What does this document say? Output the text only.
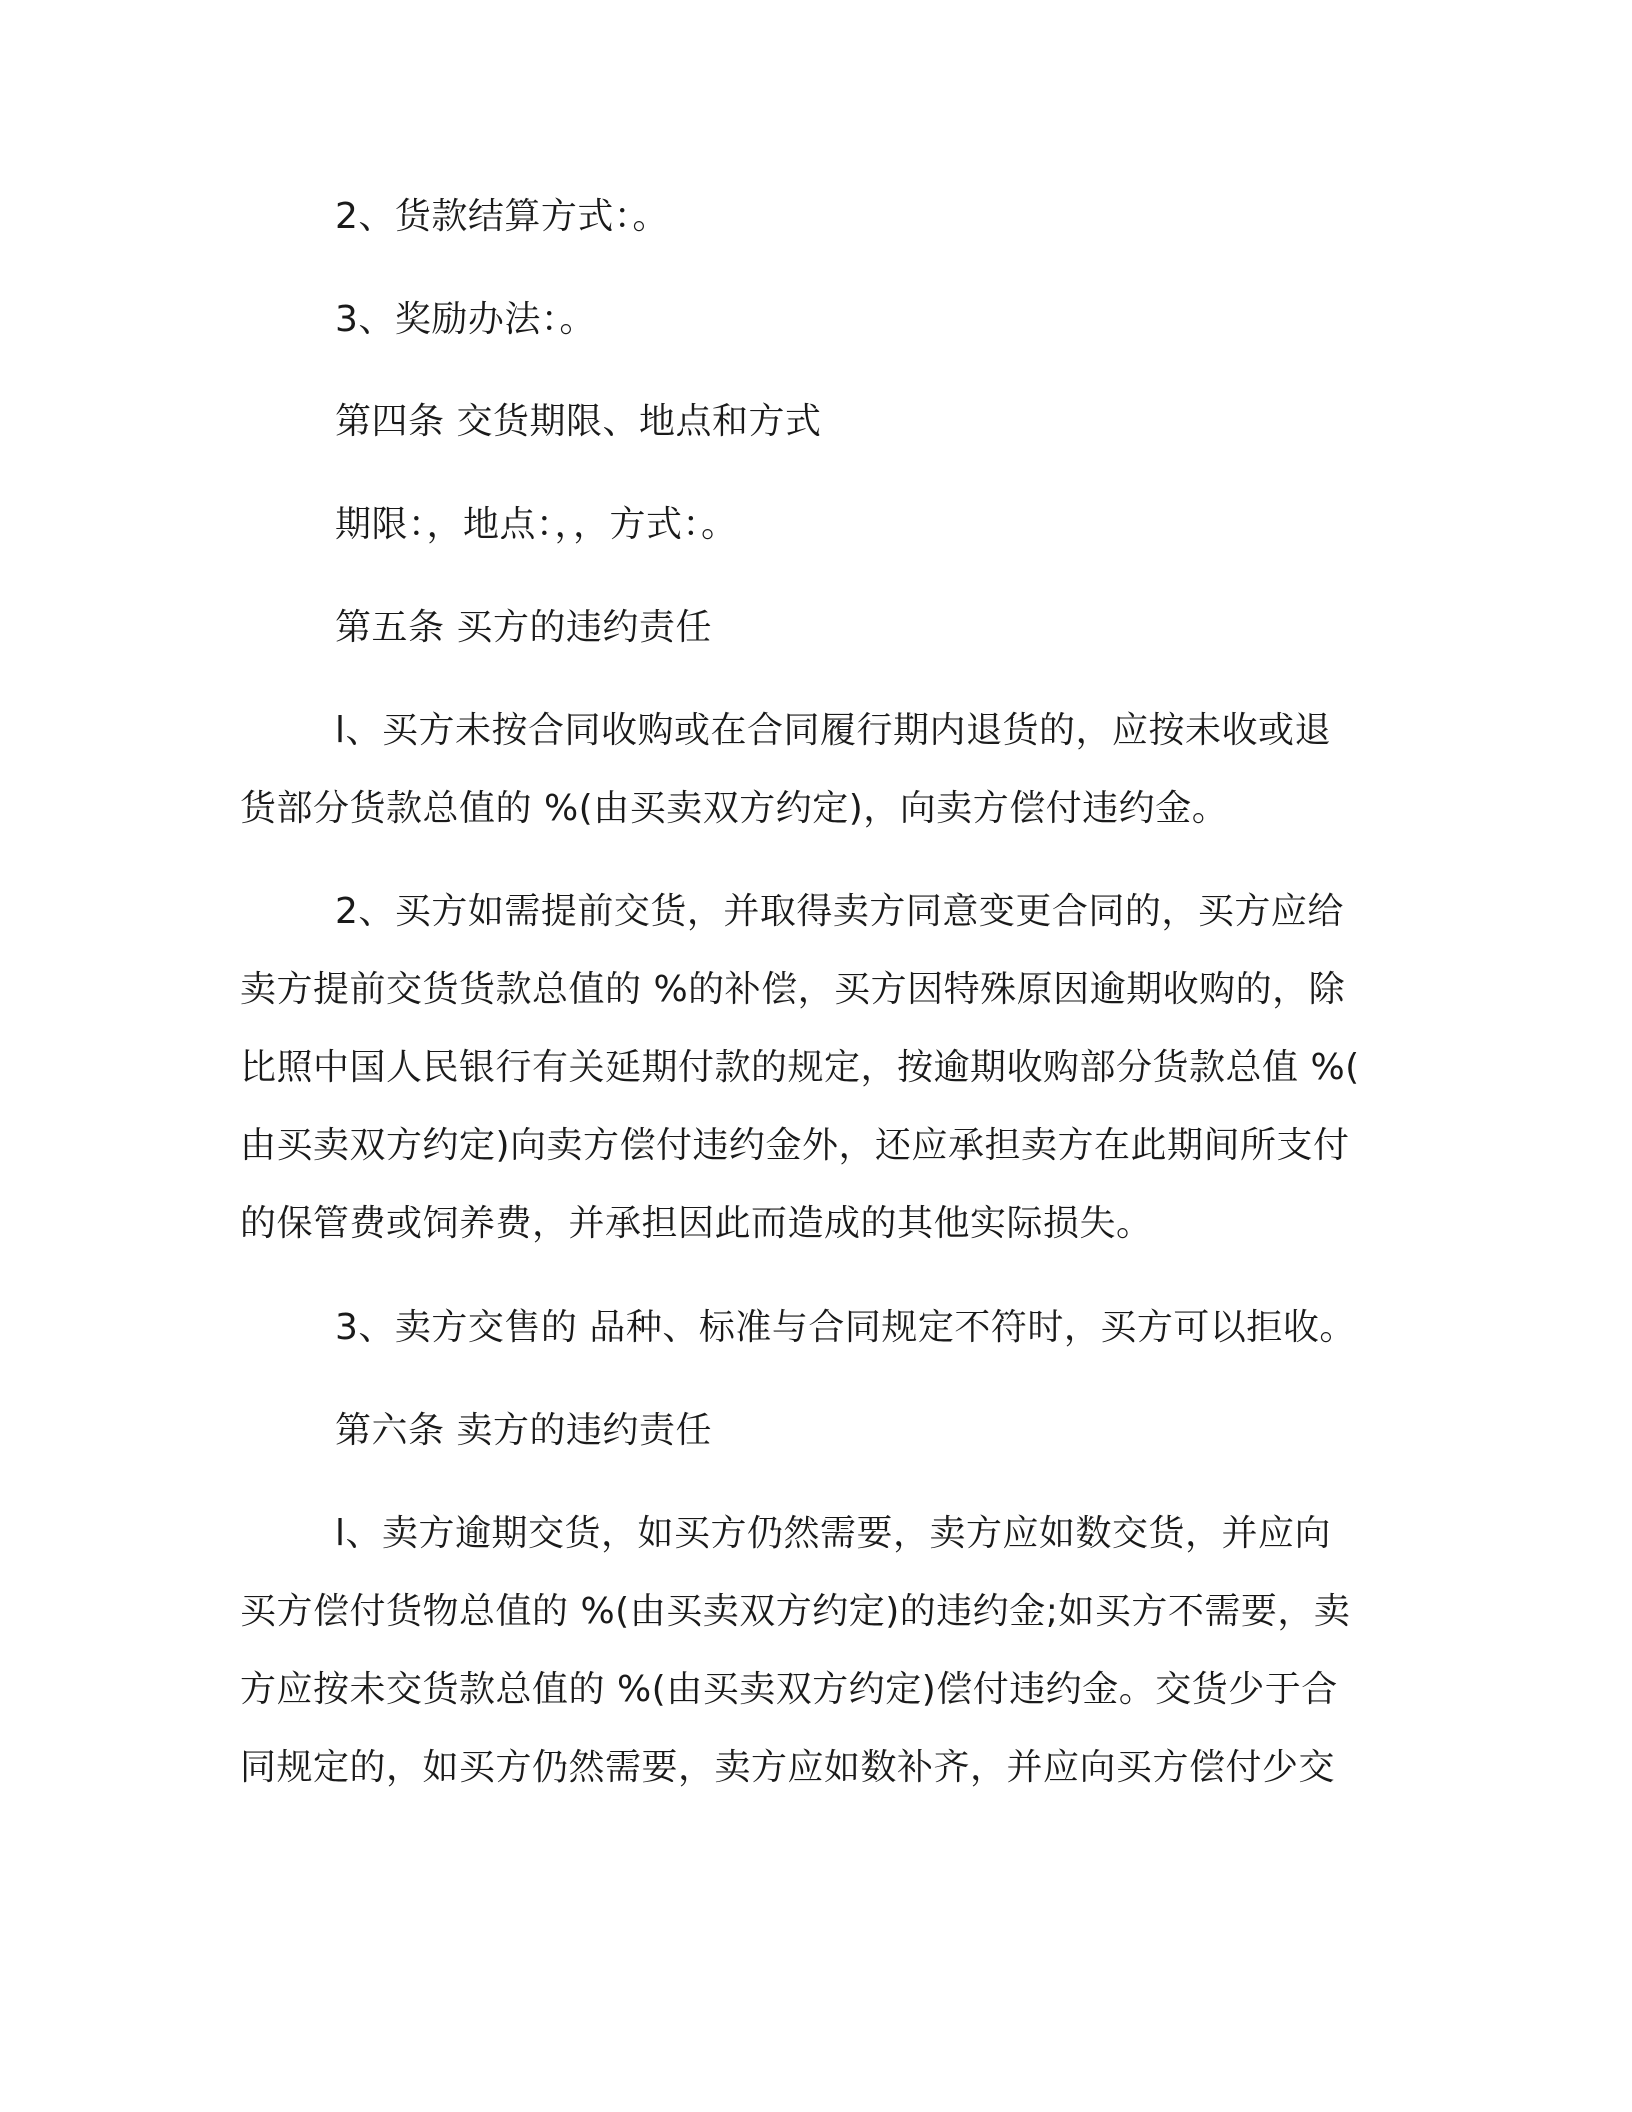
2、货款结算方式：。
3、奖励办法：。
第四条 交货期限、地点和方式
期限：，地点：，，方式：。
第五条 买方的违约责任
l、买方未按合同收购或在合同履行期内退货的，应按未收或退
货部分货款总值的 %(由买卖双方约定)，向卖方偿付违约金。
2、买方如需提前交货，并取得卖方同意变更合同的，买方应给
卖方提前交货货款总值的 %的补偿，买方因特殊原因逾期收购的，除
比照中国人民银行有关延期付款的规定，按逾期收购部分货款总值 %(
由买卖双方约定)向卖方偿付违约金外，还应承担卖方在此期间所支付
的保管费或饲养费，并承担因此而造成的其他实际损失。
3、卖方交售的 品种、标准与合同规定不符时，买方可以拒收。
第六条 卖方的违约责任
l、卖方逾期交货，如买方仍然需要，卖方应如数交货，并应向
买方偿付货物总值的 %(由买卖双方约定)的违约金;如买方不需要，卖
方应按未交货款总值的 %(由买卖双方约定)偿付违约金。交货少于合
同规定的，如买方仍然需要，卖方应如数补齐，并应向买方偿付少交
